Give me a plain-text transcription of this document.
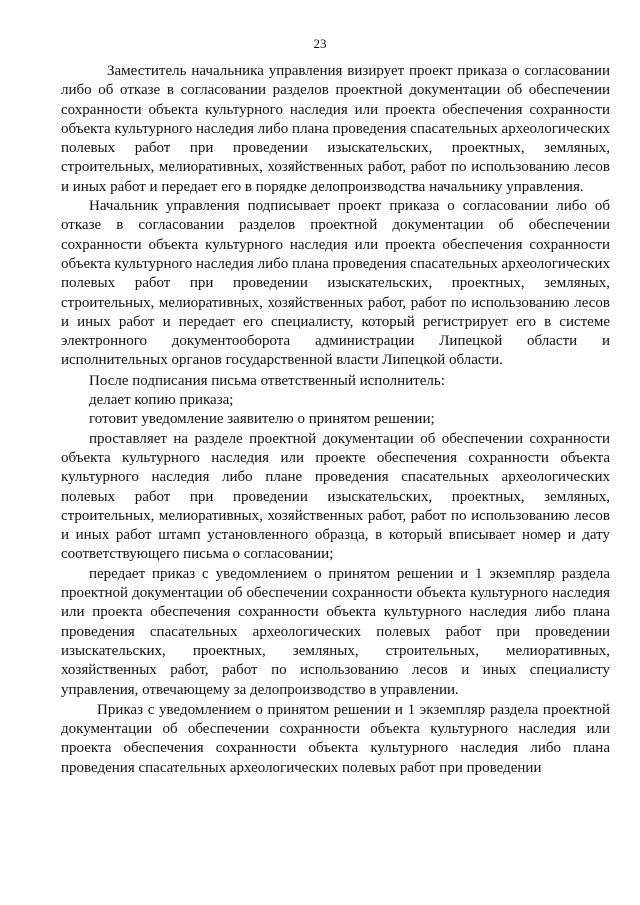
23

Заместитель начальника управления визирует проект приказа о согласовании либо об отказе в согласовании разделов проектной документации об обеспечении сохранности объекта культурного наследия или проекта обеспечения сохранности объекта культурного наследия либо плана проведения спасательных археологических полевых работ при проведении изыскательских, проектных, земляных, строительных, мелиоративных, хозяйственных работ, работ по использованию лесов и иных работ и передает его в порядке делопроизводства начальнику управления.

Начальник управления подписывает проект приказа о согласовании либо об отказе в согласовании разделов проектной документации об обеспечении сохранности объекта культурного наследия или проекта обеспечения сохранности объекта культурного наследия либо плана проведения спасательных археологических полевых работ при проведении изыскательских, проектных, земляных, строительных, мелиоративных, хозяйственных работ, работ по использованию лесов и иных работ и передает его специалисту, который регистрирует его в системе электронного документооборота администрации Липецкой области и исполнительных органов государственной власти Липецкой области.

После подписания письма ответственный исполнитель:

делает копию приказа;

готовит уведомление заявителю о принятом решении;

проставляет на разделе проектной документации об обеспечении сохранности объекта культурного наследия или проекте обеспечения сохранности объекта культурного наследия либо плане проведения спасательных археологических полевых работ при проведении изыскательских, проектных, земляных, строительных, мелиоративных, хозяйственных работ, работ по использованию лесов и иных работ штамп установленного образца, в который вписывает номер и дату соответствующего письма о согласовании;

передает приказ с уведомлением о принятом решении и 1 экземпляр раздела проектной документации об обеспечении сохранности объекта культурного наследия или проекта обеспечения сохранности объекта культурного наследия либо плана проведения спасательных археологических полевых работ при проведении изыскательских, проектных, земляных, строительных, мелиоративных, хозяйственных работ, работ по использованию лесов и иных специалисту управления, отвечающему за делопроизводство в управлении.

Приказ с уведомлением о принятом решении и 1 экземпляр раздела проектной документации об обеспечении сохранности объекта культурного наследия или проекта обеспечения сохранности объекта культурного наследия либо плана проведения спасательных археологических полевых работ при проведении
